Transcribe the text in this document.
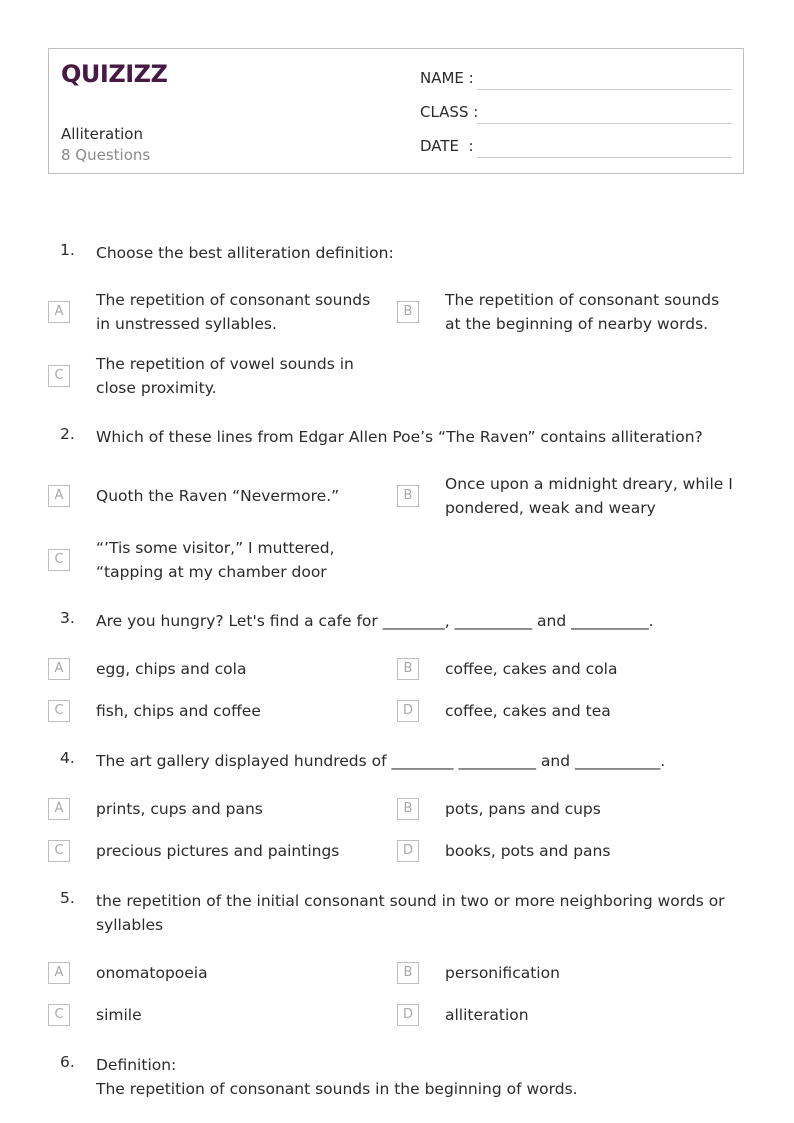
QUIZIZZ
Alliteration
8 Questions
NAME :
CLASS :
DATE  :
1. Choose the best alliteration definition:
A
The repetition of consonant sounds in unstressed syllables.
B
The repetition of consonant sounds at the beginning of nearby words.
C
The repetition of vowel sounds in close proximity.
2. Which of these lines from Edgar Allen Poe’s “The Raven” contains alliteration?
A	Quoth the Raven “Nevermore.”	B
Once upon a midnight dreary, while I pondered, weak and weary
C
“’Tis some visitor,” I muttered, “tapping at my chamber door
3. Are you hungry? Let's find a cafe for ________, __________ and __________.
A	egg, chips and cola	B	coffee, cakes and cola
C	fish, chips and coffee	D	coffee, cakes and tea
4. The art gallery displayed hundreds of ________ __________ and ___________.
A	prints, cups and pans	B	pots, pans and cups
C	precious pictures and paintings	D	books, pots and pans
5. the repetition of the initial consonant sound in two or more neighboring words or syllables
A	onomatopoeia	B	personification
C	simile	D	alliteration
6. Definition:
The repetition of consonant sounds in the beginning of words.
